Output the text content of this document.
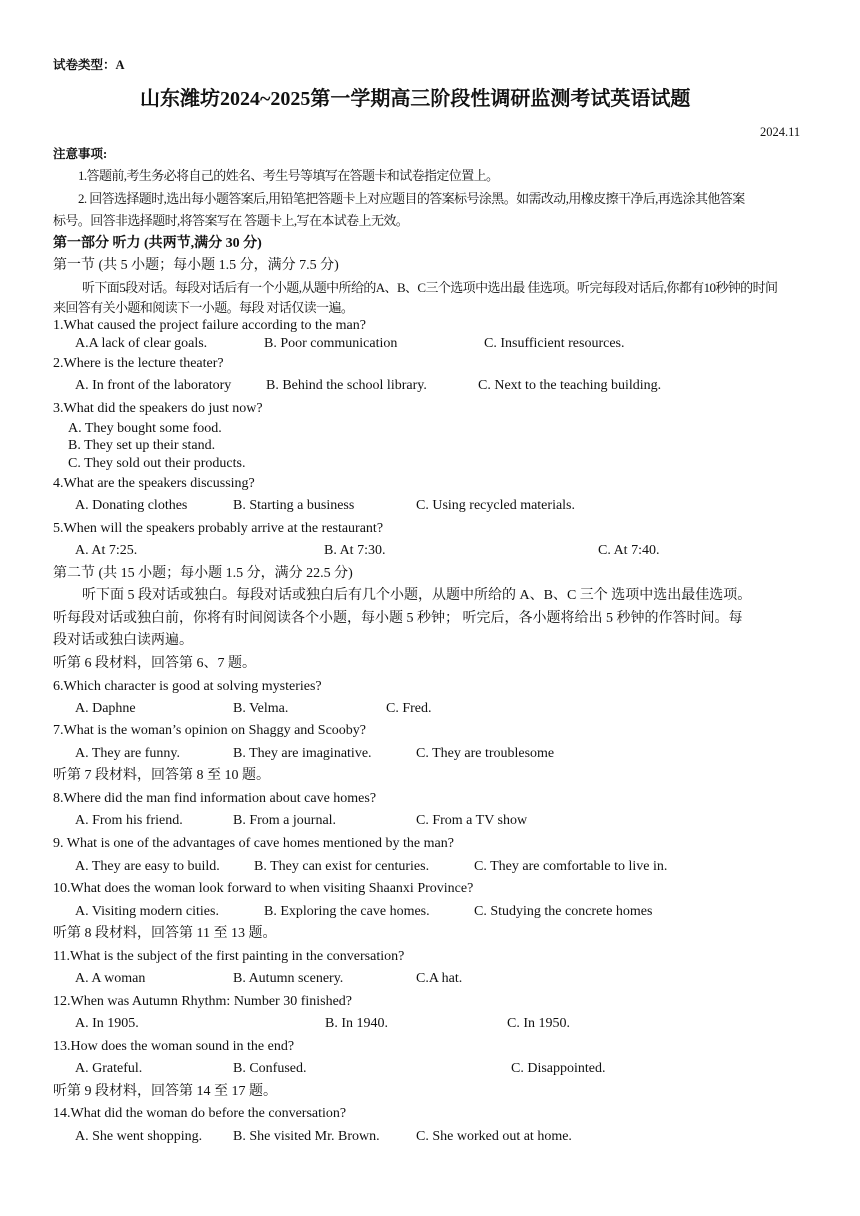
试卷类型：A
山东潍坊2024~2025第一学期高三阶段性调研监测考试英语试题
2024.11
注意事项:
1.答题前,考生务必将自己的姓名、考生号等填写在答题卡和试卷指定位置上。
2. 回答选择题时,选出每小题答案后,用铅笔把答题卡上对应题目的答案标号涂黑。如需改动,用橡皮擦干净后,再选涂其他答案
标号。回答非选择题时,将答案写在 答题卡上,写在本试卷上无效。
第一部分 听力 (共两节,满分 30 分)
第一节 (共 5 小题；每小题 1.5 分，满分 7.5 分)
听下面5段对话。每段对话后有一个小题,从题中所给的A、B、C三个选项中选出最 佳选项。听完每段对话后,你都有10秒钟的时间
来回答有关小题和阅读下一小题。每段 对话仅读一遍。
1.What caused the project failure according to the man?
A.A lack of clear goals.	B. Poor communication	C. Insufficient resources.
2.Where is the lecture theater?
A. In front of the laboratory B. Behind the school library.	C. Next to the teaching building.
3.What did the speakers do just now?
A. They bought some food.
B. They set up their stand.
C. They sold out their products.
4.What are the speakers discussing?
A. Donating clothes	B. Starting a business	C. Using recycled materials.
5.When will the speakers probably arrive at the restaurant?
A. At 7:25.	B. At 7:30.	C. At 7:40.
第二节 (共 15 小题；每小题 1.5 分，满分 22.5 分)
听下面 5 段对话或独白。每段对话或独白后有几个小题，从题中所给的 A、B、C 三个 选项中选出最佳选项。
听每段对话或独白前，你将有时间阅读各个小题，每小题 5 秒钟； 听完后，各小题将给出 5 秒钟的作答时间。每
段对话或独白读两遍。
听第 6 段材料，回答第 6、7 题。
6.Which character is good at solving mysteries?
A. Daphne	B. Velma.	C. Fred.
7.What is the woman’s opinion on Shaggy and Scooby?
A. They are funny.	B. They are imaginative.	C. They are troublesome
听第 7 段材料，回答第 8 至 10 题。
8.Where did the man find information about cave homes?
A. From his friend.	B. From a journal.	C. From a TV show
9. What is one of the advantages of cave homes mentioned by the man?
A. They are easy to build. B. They can exist for centuries.	C. They are comfortable to live in.
10.What does the woman look forward to when visiting Shaanxi Province?
A. Visiting modern cities.	B. Exploring the cave homes.	C. Studying the concrete homes
听第 8 段材料，回答第 11 至 13 题。
11.What is the subject of the first painting in the conversation?
A. A woman	B. Autumn scenery.	C.A hat.
12.When was Autumn Rhythm: Number 30 finished?
A. In 1905.	B. In 1940.	C. In 1950.
13.How does the woman sound in the end?
A. Grateful.	B. Confused.	C. Disappointed.
听第 9 段材料，回答第 14 至 17 题。
14.What did the woman do before the conversation?
A. She went shopping. B. She visited Mr. Brown.	C. She worked out at home.
